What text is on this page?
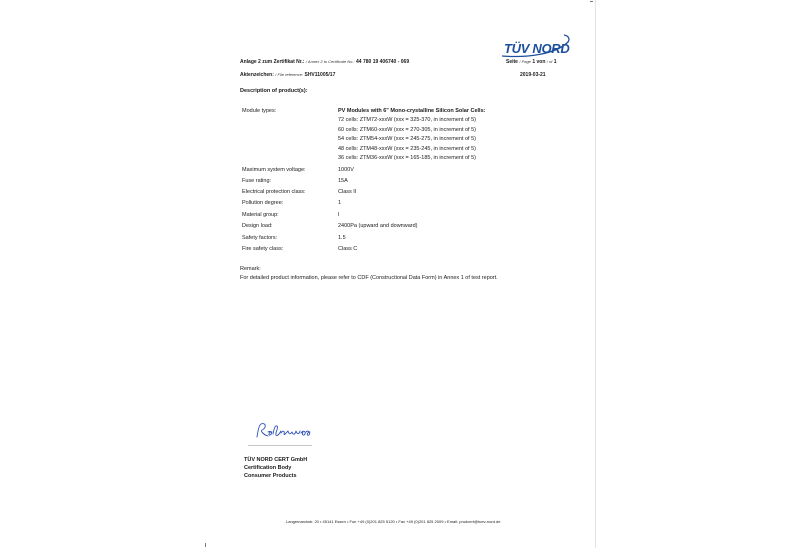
TÜV NORD
Anlage 2 zum Zertifikat Nr.: / Annex 2 to Certificate No.: 44 780 19 406740 - 069	Seite / Page 1 von / of 1
Aktenzeichen: / File reference: SHV11005/17	2019-03-21
Description of product(s):
Module types:	PV Modules with 6" Mono-crystalline Silicon Solar Cells:
72 cells: ZTM72-xxxW (xxx = 325-370, in increment of 5)
60 cells: ZTM60-xxxW (xxx = 270-305, in increment of 5)
54 cells: ZTM54-xxxW (xxx = 245-275, in increment of 5)
48 cells: ZTM48-xxxW (xxx = 235-245, in increment of 5)
36 cells: ZTM36-xxxW (xxx = 165-185, in increment of 5)
Maximum system voltage:	1000V
Fuse rating:	15A
Electrical protection class:	Class II
Pollution degree:	1
Material group:	I
Design load:	2400Pa (upward and downward)
Safety factors:	1.5
Fire safety class:	Class C
Remark:
For detailed product information, please refer to CDF (Constructional Data Form) in Annex 1 of test report.
TÜV NORD CERT GmbH
Certification Body
Consumer Products
Langemarckstr. 20 • 45141 Essen • Fon +49 (0)201 825 5120 • Fax +49 (0)201 825 2009 • Email: prodcert@tuev-nord.de
